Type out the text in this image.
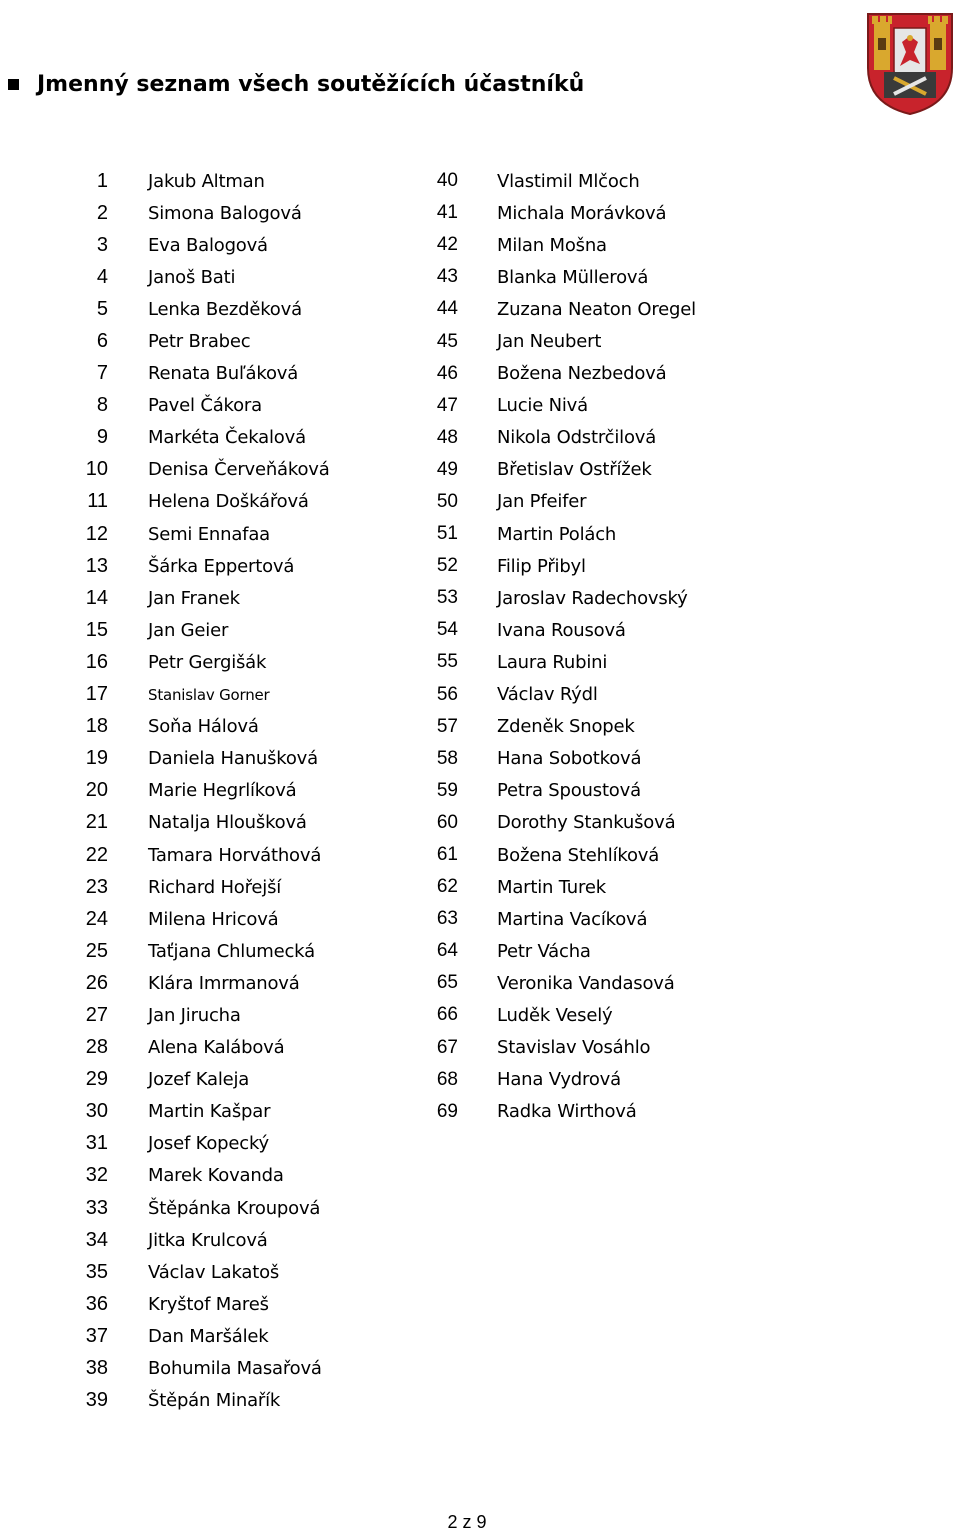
Jmenný seznam všech soutěžících účastníků
1 Jakub Altman
2 Simona Balogová
3 Eva Balogová
4 Janoš Bati
5 Lenka Bezděková
6 Petr Brabec
7 Renata Buľáková
8 Pavel Čákora
9 Markéta Čekalová
10 Denisa Červeňáková
11 Helena Doškářová
12 Semi Ennafaa
13 Šárka Eppertová
14 Jan Franek
15 Jan Geier
16 Petr Gergišák
17	Stanislav Gorner
18 Soňa Hálová
19 Daniela Hanušková
20 Marie Hegrlíková
21 Natalja Hloušková
22 Tamara Horváthová
23 Richard Hořejší
24 Milena Hricová
25 Taťjana Chlumecká
26 Klára Imrmanová
27 Jan Jirucha
28 Alena Kalábová
29 Jozef Kaleja
30 Martin Kašpar
31 Josef Kopecký
32 Marek Kovanda
33 Štěpánka Kroupová
34 Jitka Krulcová
35 Václav Lakatoš
36 Kryštof Mareš
37 Dan Maršálek
38 Bohumila Masařová
39 Štěpán Minařík
40 Vlastimil Mlčoch
41 Michala Morávková
42 Milan Mošna
43 Blanka Müllerová
44 Zuzana Neaton Oregel
45 Jan Neubert
46 Božena Nezbedová
47 Lucie Nivá
48 Nikola Odstrčilová
49 Břetislav Ostřížek
50 Jan Pfeifer
51 Martin Polách
52 Filip Přibyl
53 Jaroslav Radechovský
54 Ivana Rousová
55 Laura Rubini
56 Václav Rýdl
57 Zdeněk Snopek
58 Hana Sobotková
59 Petra Spoustová
60 Dorothy Stankušová
61 Božena Stehlíková
62 Martin Turek
63 Martina Vacíková
64 Petr Vácha
65 Veronika Vandasová
66 Luděk Veselý
67 Stavislav Vosáhlo
68 Hana Vydrová
69 Radka Wirthová
2 z 9
